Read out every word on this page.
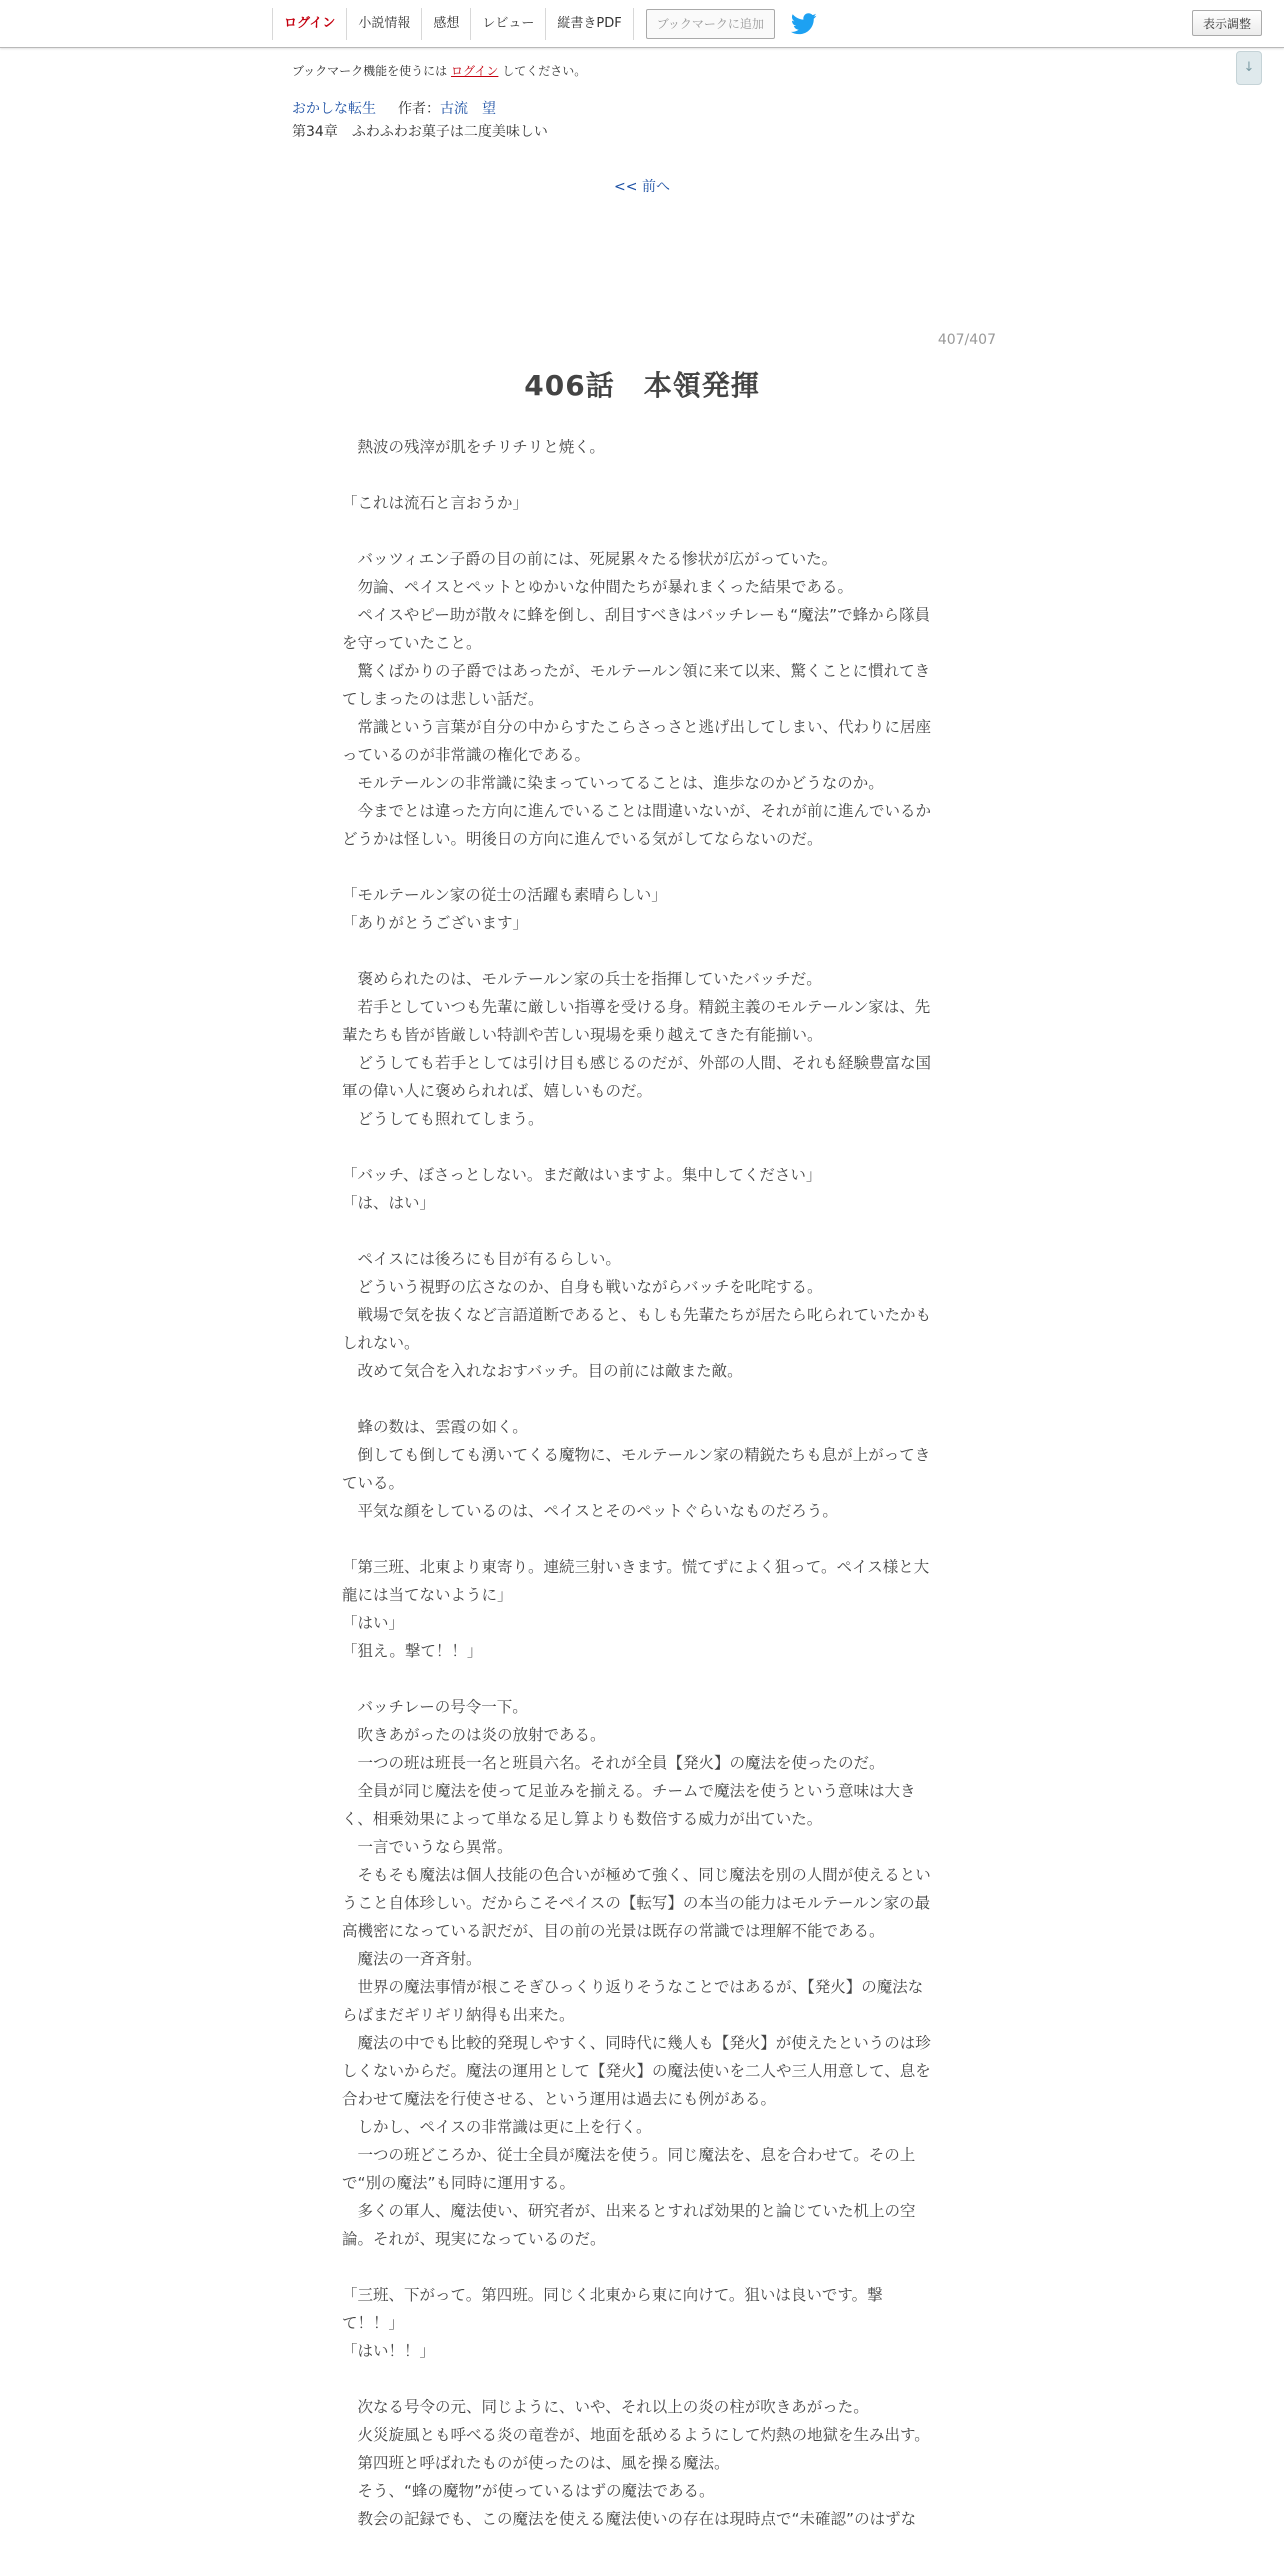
ログイン	小説情報	感想	レビュー	縦書きPDF	ブックマークに追加	表示調整
↓
ブックマーク機能を使うには ログイン してください。
おかしな転生 作者：古流　望
第34章　ふわふわお菓子は二度美味しい
<< 前へ
407/407
406話　本領発揮

　熱波の残滓が肌をチリチリと焼く。

「これは流石と言おうか」

　バッツィエン子爵の目の前には、死屍累々たる惨状が広がっていた。

　勿論、ペイスとペットとゆかいな仲間たちが暴れまくった結果である。

　ペイスやピー助が散々に蜂を倒し、刮目すべきはバッチレーも“魔法”で蜂から隊員を守っていたこと。

　驚くばかりの子爵ではあったが、モルテールン領に来て以来、驚くことに慣れてきてしまったのは悲しい話だ。

　常識という言葉が自分の中からすたこらさっさと逃げ出してしまい、代わりに居座っているのが非常識の権化である。

　モルテールンの非常識に染まっていってることは、進歩なのかどうなのか。

　今までとは違った方向に進んでいることは間違いないが、それが前に進んでいるかどうかは怪しい。明後日の方向に進んでいる気がしてならないのだ。

「モルテールン家の従士の活躍も素晴らしい」

「ありがとうございます」

　褒められたのは、モルテールン家の兵士を指揮していたバッチだ。

　若手としていつも先輩に厳しい指導を受ける身。精鋭主義のモルテールン家は、先輩たちも皆が皆厳しい特訓や苦しい現場を乗り越えてきた有能揃い。

　どうしても若手としては引け目も感じるのだが、外部の人間、それも経験豊富な国軍の偉い人に褒められれば、嬉しいものだ。

　どうしても照れてしまう。

「バッチ、ぼさっとしない。まだ敵はいますよ。集中してください」

「は、はい」

　ペイスには後ろにも目が有るらしい。

　どういう視野の広さなのか、自身も戦いながらバッチを叱咤する。

　戦場で気を抜くなど言語道断であると、もしも先輩たちが居たら叱られていたかもしれない。

　改めて気合を入れなおすバッチ。目の前には敵また敵。

　蜂の数は、雲霞の如く。

　倒しても倒しても湧いてくる魔物に、モルテールン家の精鋭たちも息が上がってきている。

　平気な顔をしているのは、ペイスとそのペットぐらいなものだろう。

「第三班、北東より東寄り。連続三射いきます。慌てずによく狙って。ペイス様と大龍には当てないように」

「はい」

「狙え。撃て！！」

　バッチレーの号令一下。

　吹きあがったのは炎の放射である。

　一つの班は班長一名と班員六名。それが全員【発火】の魔法を使ったのだ。

　全員が同じ魔法を使って足並みを揃える。チームで魔法を使うという意味は大きく、相乗効果によって単なる足し算よりも数倍する威力が出ていた。

　一言でいうなら異常。

　そもそも魔法は個人技能の色合いが極めて強く、同じ魔法を別の人間が使えるということ自体珍しい。だからこそペイスの【転写】の本当の能力はモルテールン家の最高機密になっている訳だが、目の前の光景は既存の常識では理解不能である。

　魔法の一斉斉射。

　世界の魔法事情が根こそぎひっくり返りそうなことではあるが、【発火】の魔法ならばまだギリギリ納得も出来た。

　魔法の中でも比較的発現しやすく、同時代に幾人も【発火】が使えたというのは珍しくないからだ。魔法の運用として【発火】の魔法使いを二人や三人用意して、息を合わせて魔法を行使させる、という運用は過去にも例がある。

　しかし、ペイスの非常識は更に上を行く。

　一つの班どころか、従士全員が魔法を使う。同じ魔法を、息を合わせて。その上で“別の魔法”も同時に運用する。

　多くの軍人、魔法使い、研究者が、出来るとすれば効果的と論じていた机上の空論。それが、現実になっているのだ。

「三班、下がって。第四班。同じく北東から東に向けて。狙いは良いです。撃て！！」

「はい！！」

　次なる号令の元、同じように、いや、それ以上の炎の柱が吹きあがった。

　火災旋風とも呼べる炎の竜巻が、地面を舐めるようにして灼熱の地獄を生み出す。

　第四班と呼ばれたものが使ったのは、風を操る魔法。

　そう、“蜂の魔物”が使っているはずの魔法である。

　教会の記録でも、この魔法を使える魔法使いの存在は現時点で“未確認”のはずな
